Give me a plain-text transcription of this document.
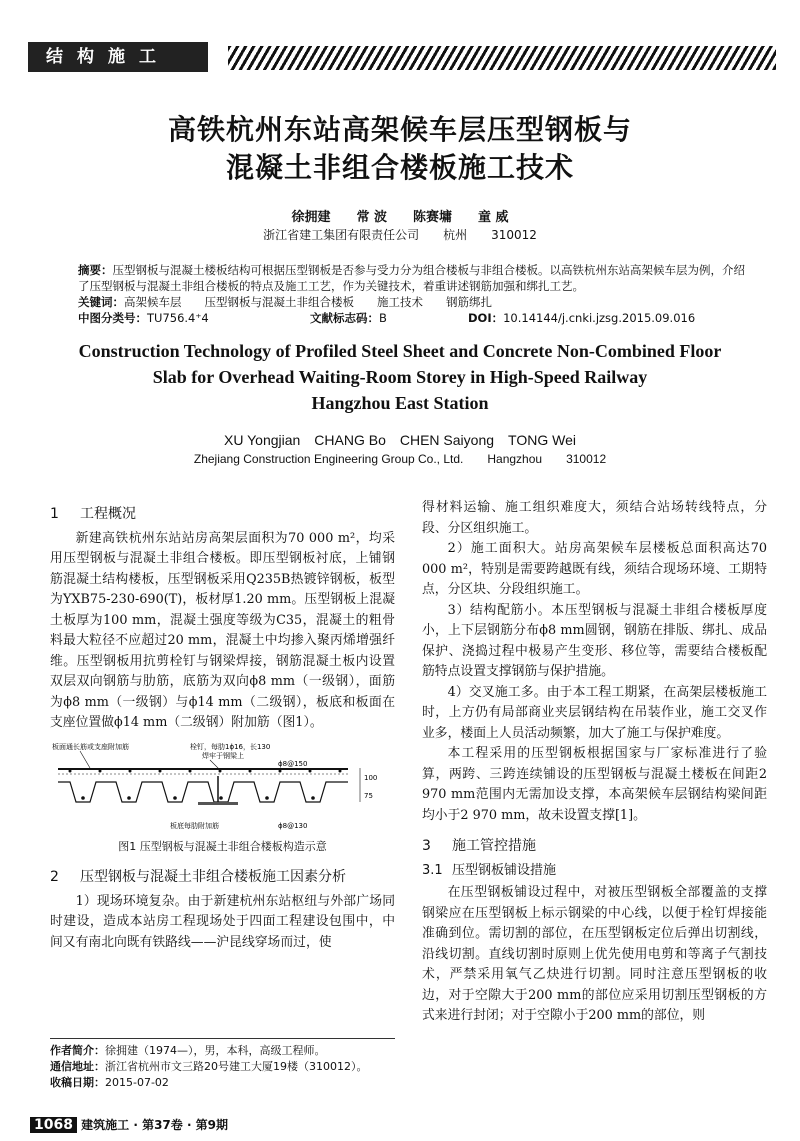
结构施工
高铁杭州东站高架候车层压型钢板与
混凝土非组合楼板施工技术
徐拥建　　常 波　　陈赛墉　　童 威
浙江省建工集团有限责任公司　　杭州　　310012
摘要：压型钢板与混凝土楼板结构可根据压型钢板是否参与受力分为组合楼板与非组合楼板。以高铁杭州东站高架候车层为例，介绍了压型钢板与混凝土非组合楼板的特点及施工工艺，作为关键技术，着重讲述钢筋加强和绑扎工艺。
关键词：高架候车层　　压型钢板与混凝土非组合楼板　　施工技术　　钢筋绑扎
中图分类号：TU756.4⁺4	文献标志码：B	DOI：10.14144/j.cnki.jzsg.2015.09.016
Construction Technology of Profiled Steel Sheet and Concrete Non-Combined Floor
Slab for Overhead Waiting-Room Storey in High-Speed Railway
Hangzhou East Station
XU Yongjian　CHANG Bo　CHEN Saiyong　TONG Wei
Zhejiang Construction Engineering Group Co., Ltd.　　Hangzhou　　310012
1 工程概况

新建高铁杭州东站站房高架层面积为70 000 m²，均采用压型钢板与混凝土非组合楼板。即压型钢板衬底，上铺钢筋混凝土结构楼板，压型钢板采用Q235B热镀锌钢板，板型为YXB75-230-690(T)，板材厚1.20 mm。压型钢板上混凝土板厚为100 mm，混凝土强度等级为C35，混凝土的粗骨料最大粒径不应超过20 mm，混凝土中均掺入聚丙烯增强纤维。压型钢板用抗剪栓钉与钢梁焊接，钢筋混凝土板内设置双层双向钢筋与肋筋，底筋为双向ϕ8 mm（一级钢），面筋为ϕ8 mm（一级钢）与ϕ14 mm（二级钢），板底和板面在支座位置做ϕ14 mm（二级钢）附加筋（图1）。

板面通长筋或支座附加筋	栓钉，每肋1ϕ16，长130
焊牢于钢梁上
ϕ8@150
100
75
板底每肋附加筋	ϕ8@130
图1 压型钢板与混凝土非组合楼板构造示意
2 压型钢板与混凝土非组合楼板施工因素分析

1）现场环境复杂。由于新建杭州东站枢纽与外部广场同时建设，造成本站房工程现场处于四面工程建设包围中，中间又有南北向既有铁路线——沪昆线穿场而过，使

得材料运输、施工组织难度大，须结合站场转线特点，分段、分区组织施工。

2）施工面积大。站房高架候车层楼板总面积高达70 000 m²，特别是需要跨越既有线，须结合现场环境、工期特点，分区块、分段组织施工。

3）结构配筋小。本压型钢板与混凝土非组合楼板厚度小，上下层钢筋分布ϕ8 mm圆钢，钢筋在排版、绑扎、成品保护、浇捣过程中极易产生变形、移位等，需要结合楼板配筋特点设置支撑钢筋与保护措施。

4）交叉施工多。由于本工程工期紧，在高架层楼板施工时，上方仍有局部商业夹层钢结构在吊装作业，施工交叉作业多，楼面上人员活动频繁，加大了施工与保护难度。

本工程采用的压型钢板根据国家与厂家标准进行了验算，两跨、三跨连续铺设的压型钢板与混凝土楼板在间距2 970 mm范围内无需加设支撑，本高架候车层钢结构梁间距均小于2 970 mm，故未设置支撑[1]。

3 施工管控措施
3.1 压型钢板铺设措施

在压型钢板铺设过程中，对被压型钢板全部覆盖的支撑钢梁应在压型钢板上标示钢梁的中心线，以便于栓钉焊接能准确到位。需切割的部位，在压型钢板定位后弹出切割线，沿线切割。直线切割时原则上优先使用电剪和等离子气割技术，严禁采用氧气乙炔进行切割。同时注意压型钢板的收边，对于空隙大于200 mm的部位应采用切割压型钢板的方式来进行封闭；对于空隙小于200 mm的部位，则

作者简介：徐拥建（1974—），男，本科，高级工程师。
通信地址：浙江省杭州市文三路20号建工大厦19楼（310012）。
收稿日期：2015-07-02
1068 建筑施工 · 第37卷 · 第9期
